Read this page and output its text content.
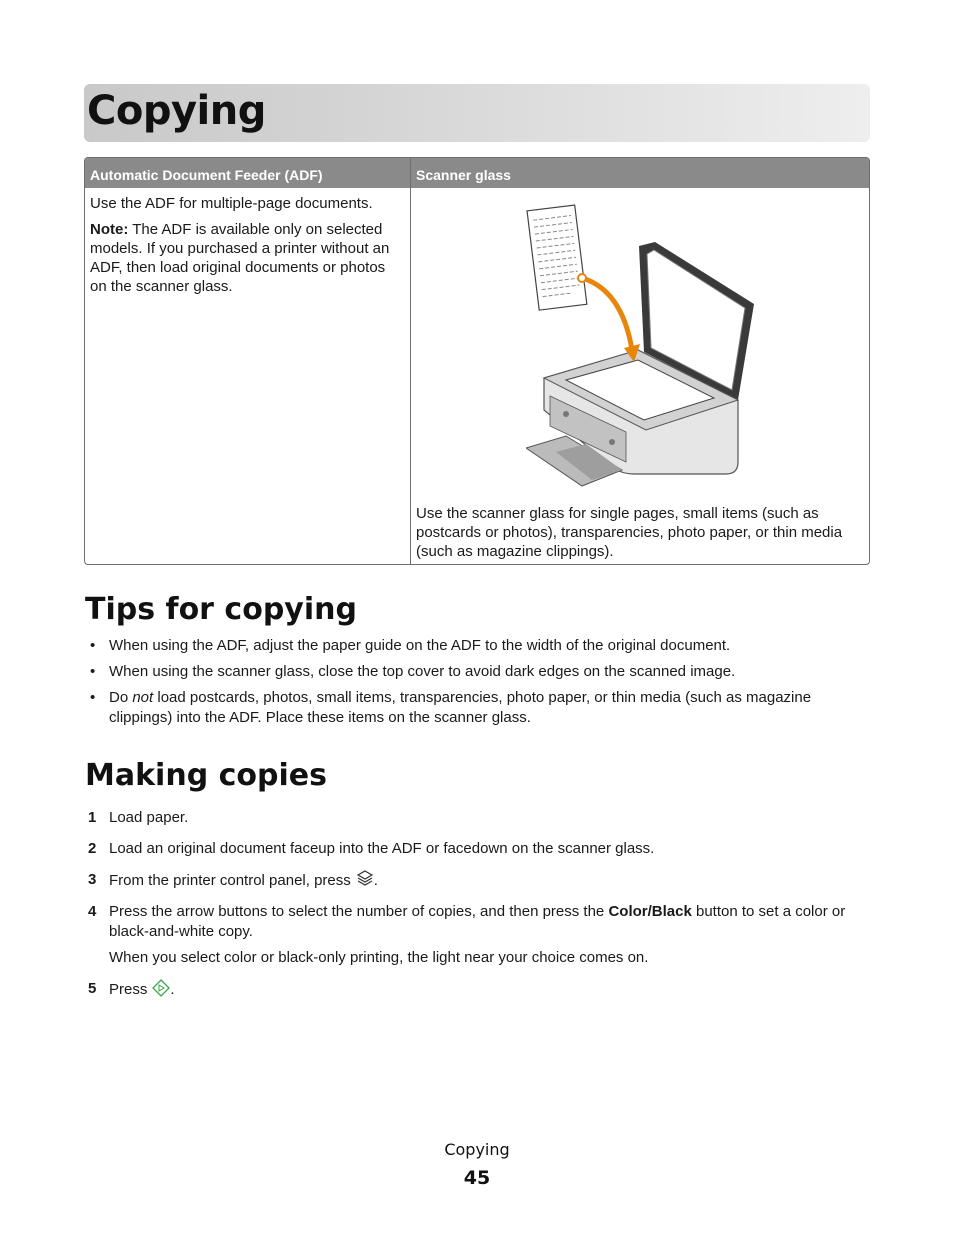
Copying
Automatic Document Feeder (ADF)	Scanner glass

Use the ADF for multiple-page documents.

Note: The ADF is available only on selected models. If you purchased a printer without an ADF, then load original documents or photos on the scanner glass.	Use the scanner glass for single pages, small items (such as postcards or photos), transparencies, photo paper, or thin media (such as magazine clippings).
Tips for copying
• When using the ADF, adjust the paper guide on the ADF to the width of the original document.
• When using the scanner glass, close the top cover to avoid dark edges on the scanned image.
• Do not load postcards, photos, small items, transparencies, photo paper, or thin media (such as magazine clippings) into the ADF. Place these items on the scanner glass.
Making copies
1 Load paper.

2 Load an original document faceup into the ADF or facedown on the scanner glass.

3 From the printer control panel, press .

4 Press the arrow buttons to select the number of copies, and then press the Color/Black button to set a color or black-and-white copy.

When you select color or black-only printing, the light near your choice comes on.

5 Press .

Copying
45
